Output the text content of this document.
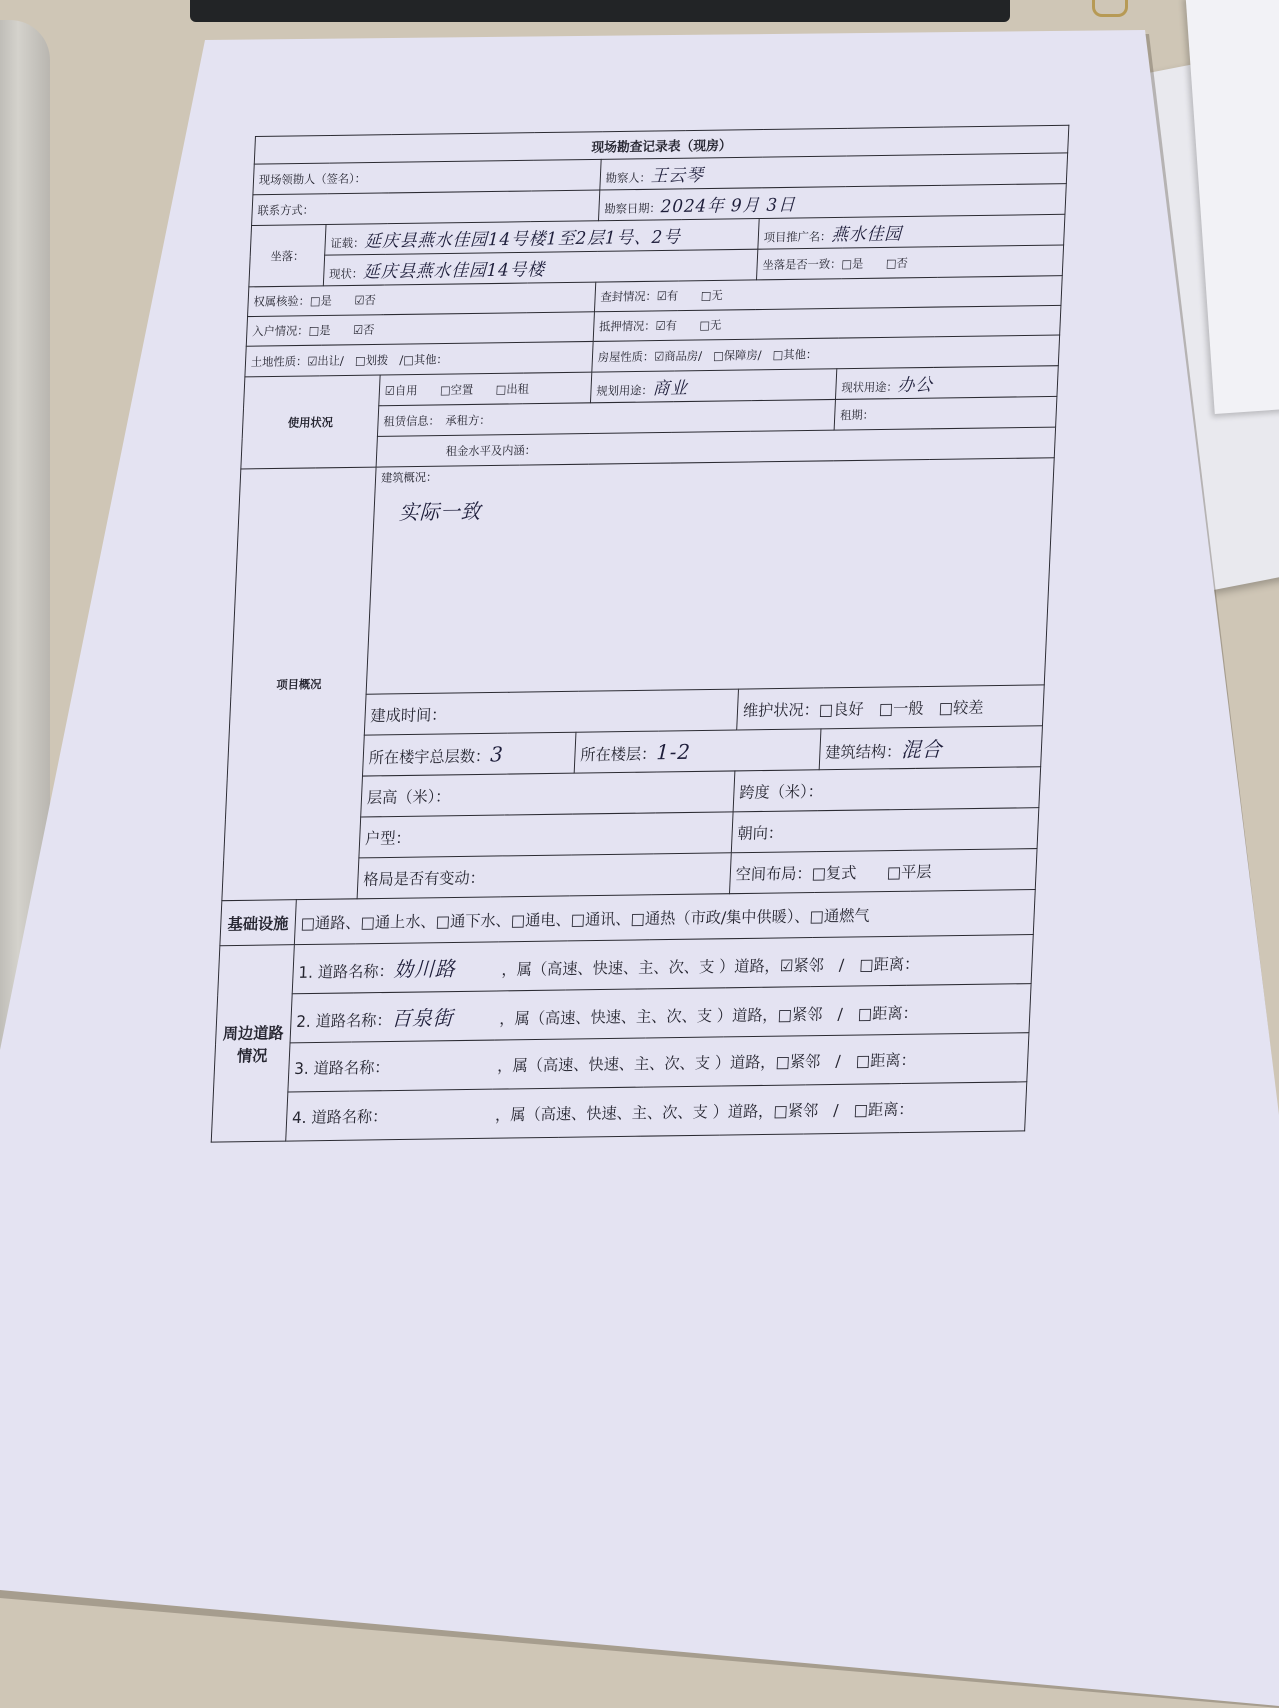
现场勘查记录表（现房）					
现场领勘人（签名）：			勘察人：王云琴		
联系方式：			勘察日期：2024年 9月 3日		
坐落：	证载：延庆县燕水佳园14号楼1至2层1号、2号			项目推广名：燕水佳园	
	现状：延庆县燕水佳园14号楼			坐落是否一致：□是　　□否	
权属核验：□是　　☑否			查封情况：☑有　　□无		
入户情况：□是　　☑否			抵押情况：☑有　　□无		
土地性质：☑出让/　□划拨　/□其他：			房屋性质：☑商品房/　□保障房/　□其他：		
使用状况		☑自用　　□空置　　□出租	规划用途：商业		现状用途：办公
		租赁信息：　 承租方：			租期：
		租金水平及内涵：			
项目概况		建筑概况：
实际一致			

		建成时间：		维护状况：□良好　□一般　□较差	
		所在楼宇总层数：3	所在楼层：1-2		建筑结构：混合
		层高（米）：		跨度（米）：	
		户型：		朝向：	
		格局是否有变动：		空间布局：□复式　　□平层	
基础设施	□通路、□通上水、□通下水、□通电、□通讯、□通热（市政/集中供暖）、□通燃气				
周边道路情况	1. 道路名称：妫川路 ，属（高速、快速、主、次、支 ）道路，☑紧邻　/　□距离：				
	2. 道路名称：百泉街 ，属（高速、快速、主、次、支 ）道路，□紧邻　/　□距离：				
	3. 道路名称： ，属（高速、快速、主、次、支 ）道路，□紧邻　/　□距离：				
	4. 道路名称： ，属（高速、快速、主、次、支 ）道路，□紧邻　/　□距离：				
